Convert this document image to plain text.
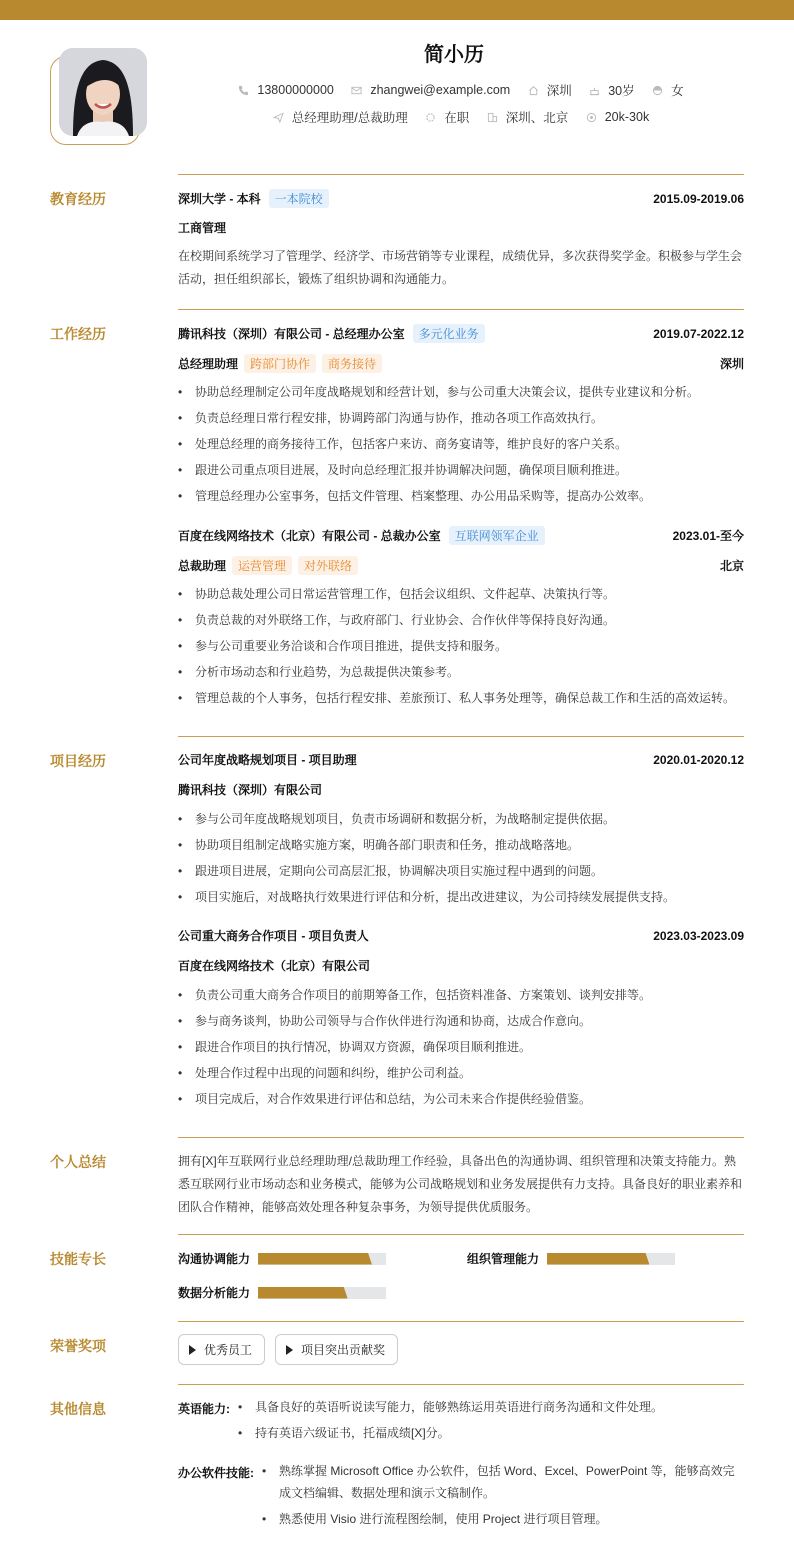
简小历
13800000000
	zhangwei@example.com
	深圳
	30岁
	女
总经理助理/总裁助理
	在职
	深圳、北京
	20k-30k
教育经历	深圳大学 - 本科 一本院校	2015.09-2019.06
工商管理
在校期间系统学习了管理学、经济学、市场营销等专业课程，成绩优异，多次获得奖学金。积极参与学生会活动，担任组织部长，锻炼了组织协调和沟通能力。
工作经历	腾讯科技（深圳）有限公司 - 总经理办公室 多元化业务	2019.07-2022.12
总经理助理 跨部门协作 商务接待	深圳
• 协助总经理制定公司年度战略规划和经营计划，参与公司重大决策会议，提供专业建议和分析。
• 负责总经理日常行程安排，协调跨部门沟通与协作，推动各项工作高效执行。
• 处理总经理的商务接待工作，包括客户来访、商务宴请等，维护良好的客户关系。
• 跟进公司重点项目进展，及时向总经理汇报并协调解决问题，确保项目顺利推进。
• 管理总经理办公室事务，包括文件管理、档案整理、办公用品采购等，提高办公效率。
百度在线网络技术（北京）有限公司 - 总裁办公室 互联网领军企业	2023.01-至今
总裁助理 运营管理 对外联络	北京
• 协助总裁处理公司日常运营管理工作，包括会议组织、文件起草、决策执行等。
• 负责总裁的对外联络工作，与政府部门、行业协会、合作伙伴等保持良好沟通。
• 参与公司重要业务洽谈和合作项目推进，提供支持和服务。
• 分析市场动态和行业趋势，为总裁提供决策参考。
• 管理总裁的个人事务，包括行程安排、差旅预订、私人事务处理等，确保总裁工作和生活的高效运转。
项目经历	公司年度战略规划项目 - 项目助理	2020.01-2020.12
腾讯科技（深圳）有限公司
• 参与公司年度战略规划项目，负责市场调研和数据分析，为战略制定提供依据。
• 协助项目组制定战略实施方案，明确各部门职责和任务，推动战略落地。
• 跟进项目进展，定期向公司高层汇报，协调解决项目实施过程中遇到的问题。
• 项目实施后，对战略执行效果进行评估和分析，提出改进建议，为公司持续发展提供支持。
公司重大商务合作项目 - 项目负责人	2023.03-2023.09
百度在线网络技术（北京）有限公司
• 负责公司重大商务合作项目的前期筹备工作，包括资料准备、方案策划、谈判安排等。
• 参与商务谈判，协助公司领导与合作伙伴进行沟通和协商，达成合作意向。
• 跟进合作项目的执行情况，协调双方资源，确保项目顺利推进。
• 处理合作过程中出现的问题和纠纷，维护公司利益。
• 项目完成后，对合作效果进行评估和总结，为公司未来合作提供经验借鉴。
个人总结	拥有[X]年互联网行业总经理助理/总裁助理工作经验，具备出色的沟通协调、组织管理和决策支持能力。熟悉互联网行业市场动态和业务模式，能够为公司战略规划和业务发展提供有力支持。具备良好的职业素养和团队合作精神，能够高效处理各种复杂事务，为领导提供优质服务。
技能专长	沟通协调能力	组织管理能力
数据分析能力
荣誉奖项	优秀员工	项目突出贡献奖
其他信息	英语能力:	• 具备良好的英语听说读写能力，能够熟练运用英语进行商务沟通和文件处理。
• 持有英语六级证书，托福成绩[X]分。
办公软件技能:	• 熟练掌握 Microsoft Office 办公软件，包括 Word、Excel、PowerPoint 等，能够高效完成文档编辑、数据处理和演示文稿制作。
• 熟悉使用 Visio 进行流程图绘制，使用 Project 进行项目管理。
